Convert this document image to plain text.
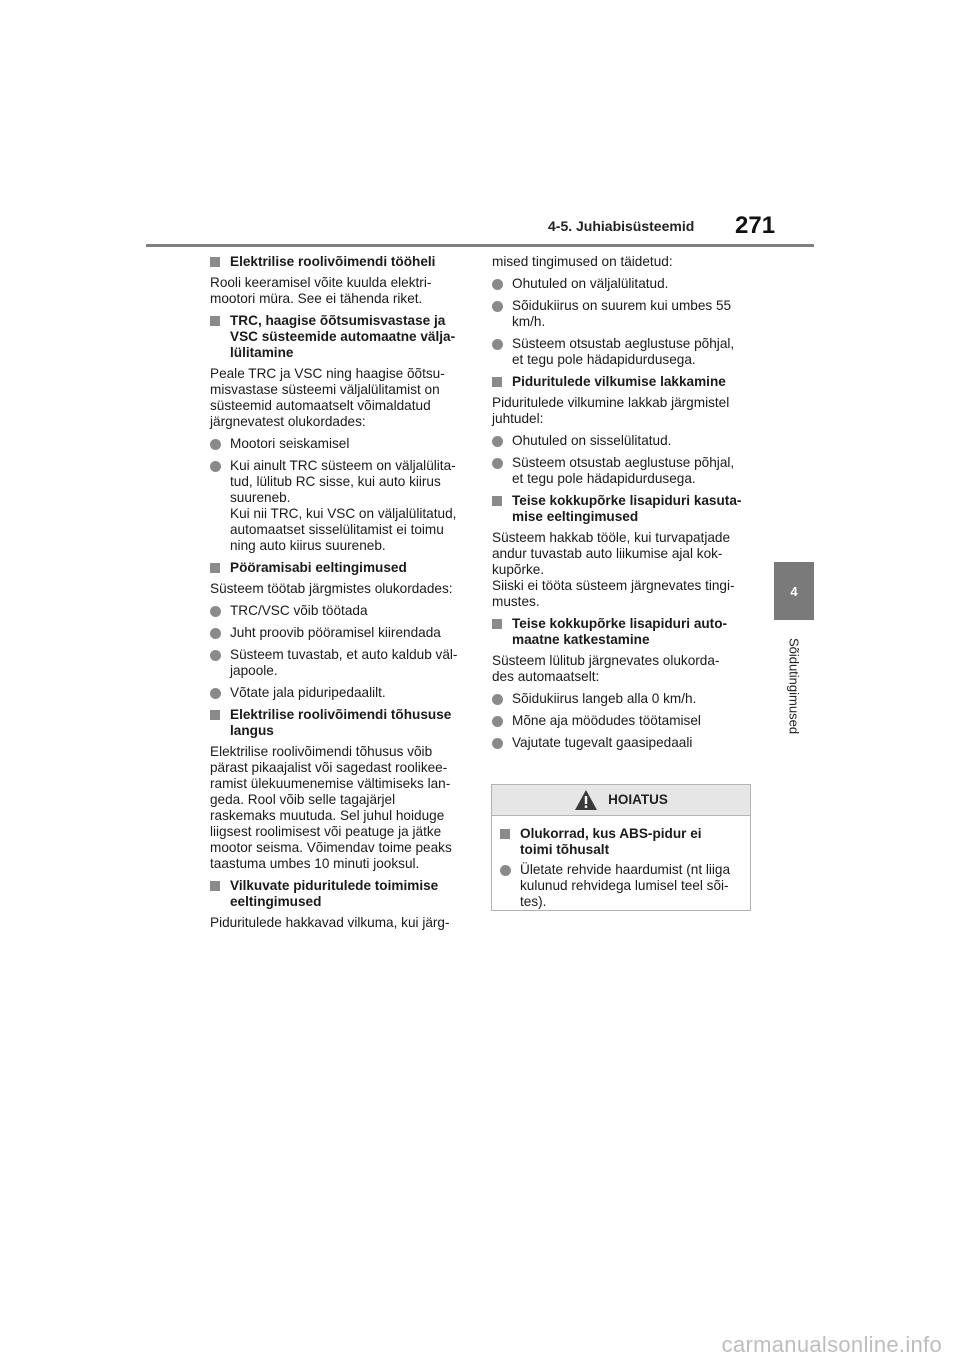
4-5. Juhiabisüsteemid 271
4
Sõidutingimused
Elektrilise roolivõimendi tööheli
Rooli keeramisel võite kuulda elektri-
mootori müra. See ei tähenda riket.
TRC, haagise õõtsumisvastase ja
VSC süsteemide automaatne välja-
lülitamine
Peale TRC ja VSC ning haagise õõtsu-
misvastase süsteemi väljalülitamist on
süsteemid automaatselt võimaldatud
järgnevatest olukordades:
Mootori seiskamisel
Kui ainult TRC süsteem on väljalülita-
tud, lülitub RC sisse, kui auto kiirus
suureneb.
Kui nii TRC, kui VSC on väljalülitatud,
automaatset sisselülitamist ei toimu
ning auto kiirus suureneb.
Pööramisabi eeltingimused
Süsteem töötab järgmistes olukordades:
TRC/VSC võib töötada
Juht proovib pööramisel kiirendada
Süsteem tuvastab, et auto kaldub väl-
japoole.
Võtate jala piduripedaalilt.
Elektrilise roolivõimendi tõhususe
langus
Elektrilise roolivõimendi tõhusus võib
pärast pikaajalist või sagedast roolikee-
ramist ülekuumenemise vältimiseks lan-
geda. Rool võib selle tagajärjel
raskemaks muutuda. Sel juhul hoiduge
liigsest roolimisest või peatuge ja jätke
mootor seisma. Võimendav toime peaks
taastuma umbes 10 minuti jooksul.
Vilkuvate piduritulede toimimise
eeltingimused
Piduritulede hakkavad vilkuma, kui järg-
mised tingimused on täidetud:
Ohutuled on väljalülitatud.
Sõidukiirus on suurem kui umbes 55
km/h.
Süsteem otsustab aeglustuse põhjal,
et tegu pole hädapidurdusega.
Piduritulede vilkumise lakkamine
Piduritulede vilkumine lakkab järgmistel
juhtudel:
Ohutuled on sisselülitatud.
Süsteem otsustab aeglustuse põhjal,
et tegu pole hädapidurdusega.
Teise kokkupõrke lisapiduri kasuta-
mise eeltingimused
Süsteem hakkab tööle, kui turvapatjade
andur tuvastab auto liikumise ajal kok-
kupõrke.
Siiski ei tööta süsteem järgnevates tingi-
mustes.
Teise kokkupõrke lisapiduri auto-
maatne katkestamine
Süsteem lülitub järgnevates olukorda-
des automaatselt:
Sõidukiirus langeb alla 0 km/h.
Mõne aja möödudes töötamisel
Vajutate tugevalt gaasipedaali
HOIATUS
Olukorrad, kus ABS-pidur ei
toimi tõhusalt
Ületate rehvide haardumist (nt liiga
kulunud rehvidega lumisel teel sõi-
tes).
carmanualsonline.info
